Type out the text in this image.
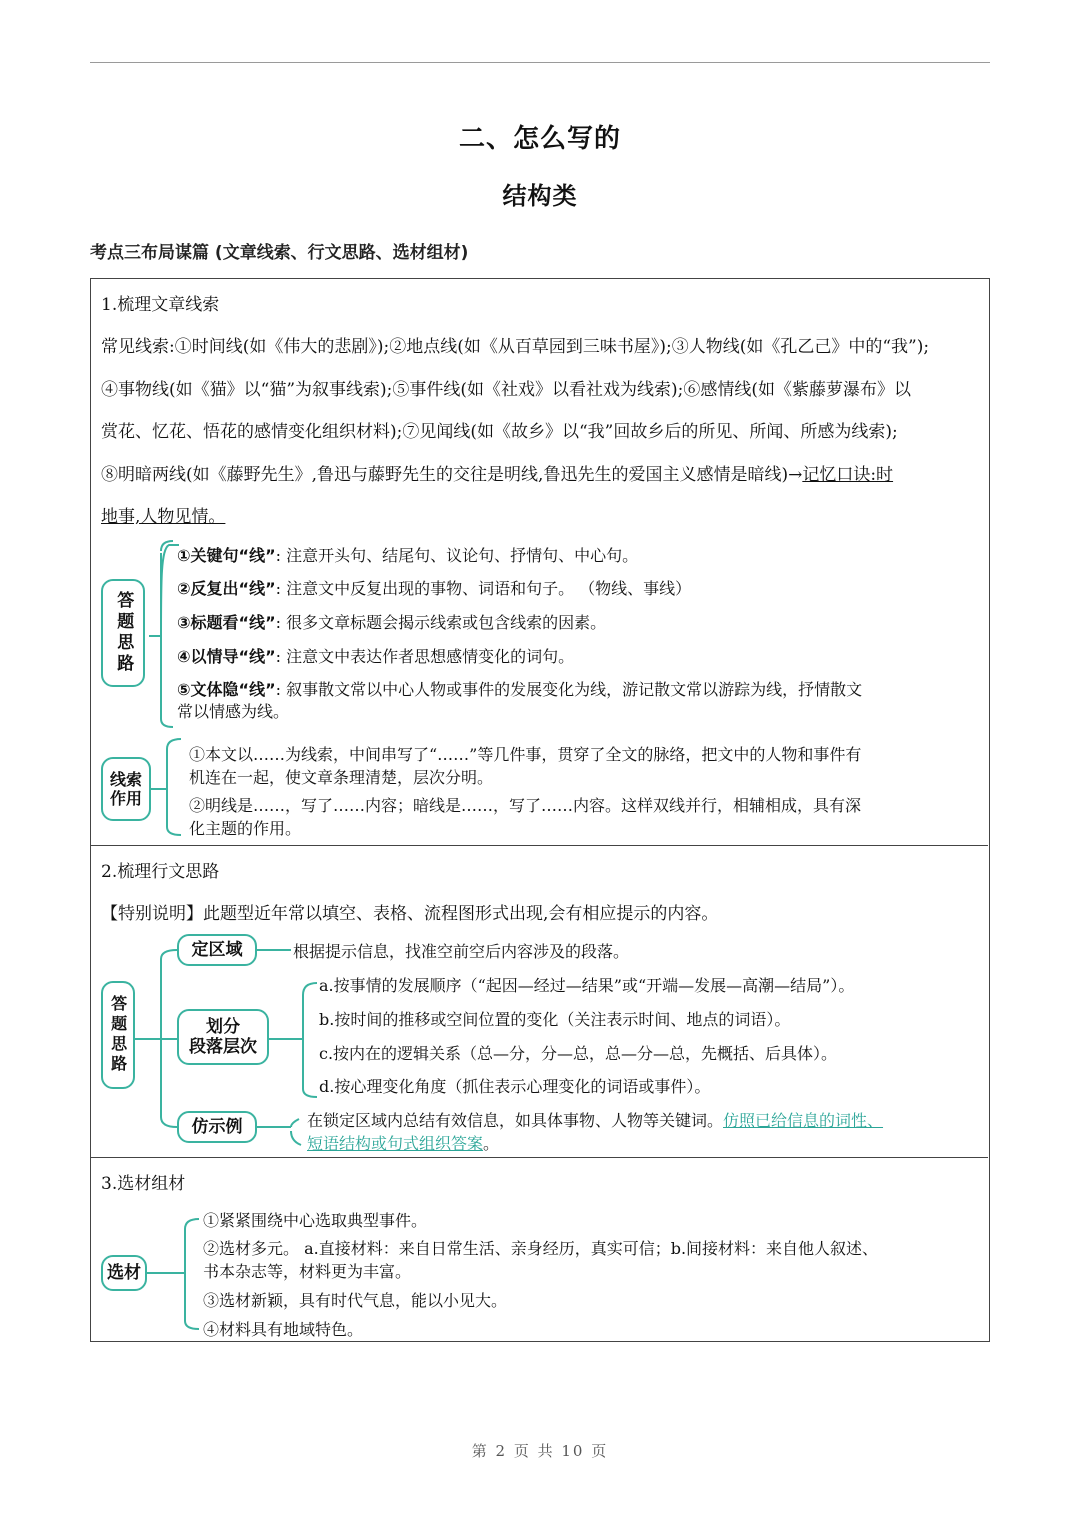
二、怎么写的
结构类
考点三布局谋篇 (文章线索、行文思路、选材组材)
1.梳理文章线索
常见线索:①时间线(如《伟大的悲剧》);②地点线(如《从百草园到三味书屋》);③人物线(如《孔乙己》中的“我”);
④事物线(如《猫》以“猫”为叙事线索);⑤事件线(如《社戏》以看社戏为线索);⑥感情线(如《紫藤萝瀑布》以
赏花、忆花、悟花的感情变化组织材料);⑦见闻线(如《故乡》以“我”回故乡后的所见、所闻、所感为线索);
⑧明暗两线(如《藤野先生》,鲁迅与藤野先生的交往是明线,鲁迅先生的爱国主义感情是暗线)→记忆口诀:时
地事,人物见情。
答题思路
①关键句“线”: 注意开头句、结尾句、议论句、抒情句、中心句。
②反复出“线”: 注意文中反复出现的事物、词语和句子。 （物线、事线）
③标题看“线”: 很多文章标题会揭示线索或包含线索的因素。
④以情导“线”: 注意文中表达作者思想感情变化的词句。
⑤文体隐“线”: 叙事散文常以中心人物或事件的发展变化为线，游记散文常以游踪为线，抒情散文
常以情感为线。
线索作用
①本文以……为线索，中间串写了“……”等几件事，贯穿了全文的脉络，把文中的人物和事件有
机连在一起，使文章条理清楚，层次分明。
②明线是……，写了……内容；暗线是……，写了……内容。这样双线并行，相辅相成，具有深
化主题的作用。
2.梳理行文思路
【特别说明】此题型近年常以填空、表格、流程图形式出现,会有相应提示的内容。
答题思路
定区域	根据提示信息，找准空前空后内容涉及的段落。
划分
段落层次
a.按事情的发展顺序（“起因—经过—结果”或“开端—发展—高潮—结局”）。
b.按时间的推移或空间位置的变化（关注表示时间、地点的词语）。
c.按内在的逻辑关系（总—分，分—总，总—分—总，先概括、后具体）。
d.按心理变化角度（抓住表示心理变化的词语或事件）。
仿示例	在锁定区域内总结有效信息，如具体事物、人物等关键词。仿照已给信息的词性、
短语结构或句式组织答案。
3.选材组材
选材
①紧紧围绕中心选取典型事件。
②选材多元。 a.直接材料：来自日常生活、亲身经历，真实可信；b.间接材料：来自他人叙述、
书本杂志等，材料更为丰富。
③选材新颖，具有时代气息，能以小见大。
④材料具有地域特色。
第 2 页 共 10 页
